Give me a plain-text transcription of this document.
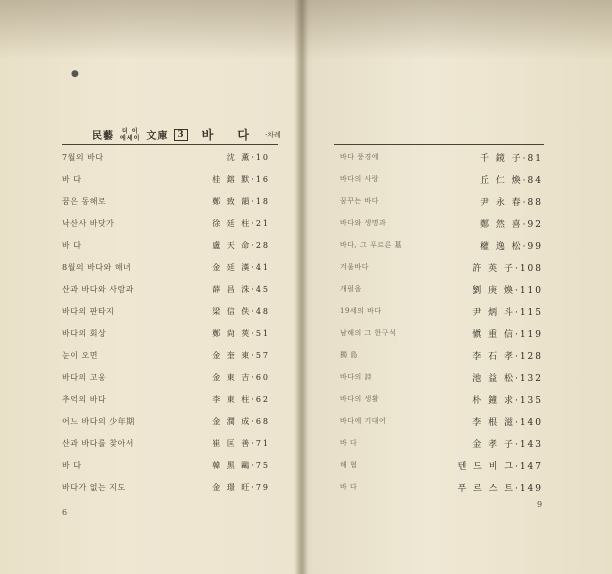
●
民藝	더 이
에세이 文庫	3 바 다 ·차례
7월의 바다	沈 薫·10
바 다	桂 鎔 默·16
꿈은 동해로	鄭 致 韻·18
낙산사 바닷가	徐 廷 柱·21
바 다	盧 天 命·28
8월의 바다와 해녀	金 廷 漢·41
산과 바다와 사람과	薛 昌 洙·45
바다의 판타지	梁 信 佚·48
바다의 회상	鄭 尙 莢·51
눈이 오면	金 奎 東·57
바다의 고웅	金 東 吉·60
추억의 바다	李 東 柱·62
어느 바다의 少年期	金 潤 成·68
산과 바다를 찾아서	崔 匡 善·71
바 다	韓 黑 鷗·75
바다가 없는 지도	金 璟 旺·79
바다 풍경에	千 鏡 子·81
바다의 사랑	丘 仁 煥·84
꿈꾸는 바다	尹 永 春·88
바다와 생명과	鄭 然 喜·92
바다, 그 푸르른 墓	權 逸 松·99
겨울바다	許 英 子·108
개펄을	劉 庚 煥·110
19세의 바다	尹 炳 斗·115
남해의 그 한구석	愼 重 信·119
獨 島	李 石 孝·128
바다의 詩	池 益 松·132
바다의 생활	朴 鐘 求·135
바다에 기대어	李 根 滋·140
바 다	金 孝 子·143
해 협	텐 드 비 그·147
바 다	푸 르 스 트·149
6
9
